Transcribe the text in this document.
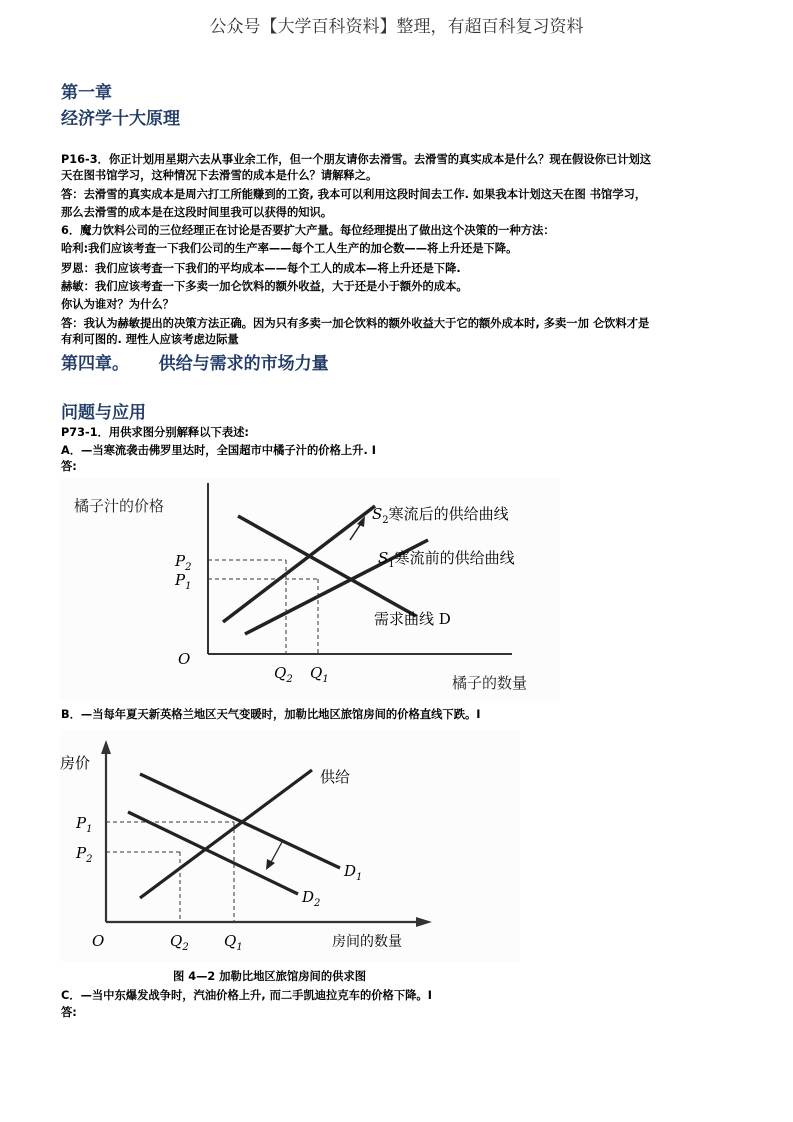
公众号【大学百科资料】整理，有超百科复习资料
第一章
经济学十大原理
P16-3．你正计划用星期六去从事业余工作，但一个朋友请你去滑雪。去滑雪的真实成本是什么？现在假设你已计划这
天在图书馆学习，这种情况下去滑雪的成本是什么？请解释之。
答：去滑雪的真实成本是周六打工所能赚到的工资, 我本可以利用这段时间去工作. 如果我本计划这天在图 书馆学习，
那么去滑雪的成本是在这段时间里我可以获得的知识。
6．魔力饮料公司的三位经理正在讨论是否要扩大产量。每位经理提出了做出这个决策的一种方法：
哈利:我们应该考查一下我们公司的生产率——每个工人生产的加仑数——将上升还是下降。
罗恩：我们应该考查一下我们的平均成本——每个工人的成本—将上升还是下降.
赫敏：我们应该考查一下多卖一加仑饮料的额外收益，大于还是小于额外的成本。
你认为谁对？为什么？
答：我认为赫敏提出的决策方法正确。因为只有多卖一加仑饮料的额外收益大于它的额外成本时, 多卖一加 仑饮料才是
有利可图的. 理性人应该考虑边际量
第四章。     供给与需求的市场力量
问题与应用
P73-1．用供求图分别解释以下表述:
A．—当寒流袭击佛罗里达时，全国超市中橘子汁的价格上升. I
答:
橘子汁的价格
橘子的数量
O
$P_2$
$P_1$
$Q_2$ $Q_1$
$S_2$寒流后的供给曲线
$S_1$寒流前的供给曲线
需求曲线 D
B．—当每年夏天新英格兰地区天气变暖时，加勒比地区旅馆房间的价格直线下跌。I
房价
房间的数量
O
供给
$P_1$
$P_2$
$Q_2$ $Q_1$
$D_1$
$D_2$
图 4—2 加勒比地区旅馆房间的供求图
C．—当中东爆发战争时，汽油价格上升, 而二手凯迪拉克车的价格下降。I
答:
